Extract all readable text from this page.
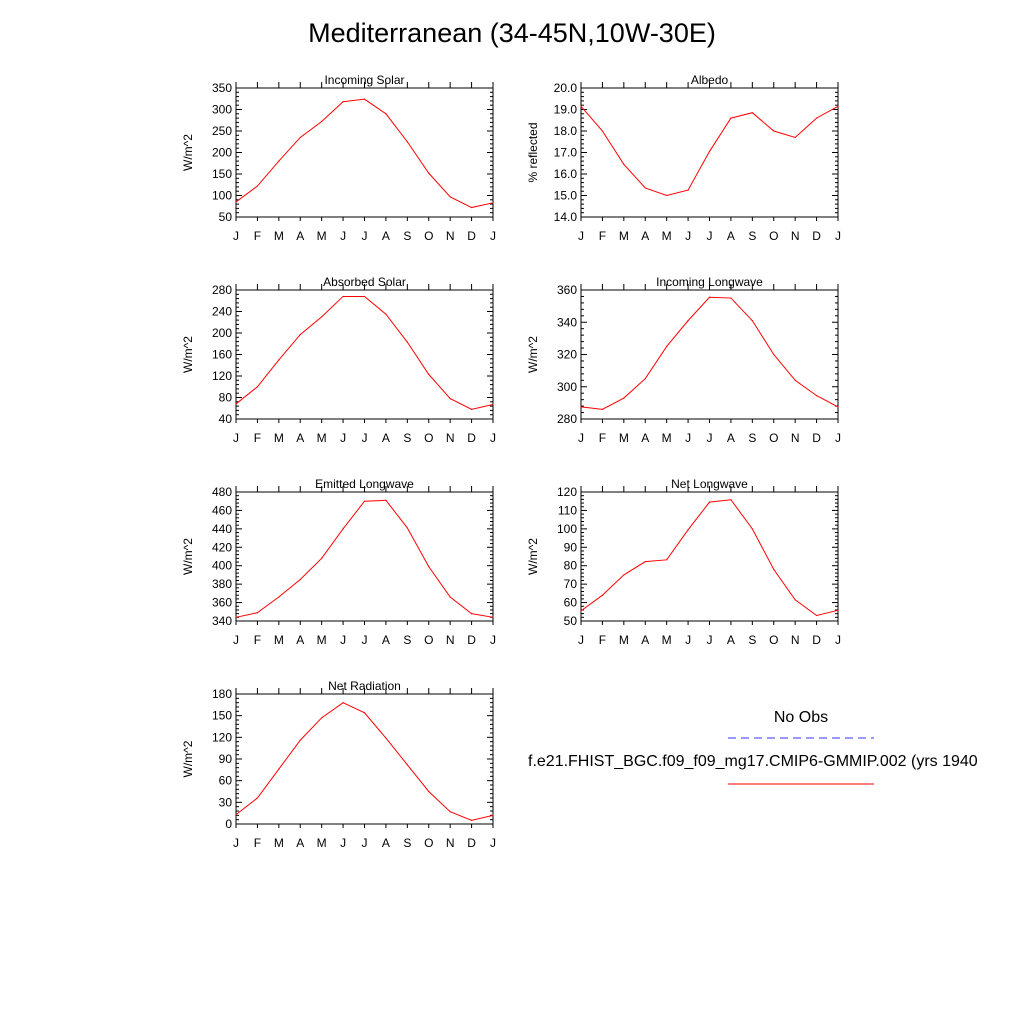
Mediterranean (34-45N,10W-30E)
Incoming Solar
W/m^2
50
100
150
200
250
300
350
J F M A M J J A S O N D J
Albedo
% reflected
14.0
15.0
16.0
17.0
18.0
19.0
20.0
J F M A M J J A S O N D J
Absorbed Solar
W/m^2
40
80
120
160
200
240
280
J F M A M J J A S O N D J
Incoming Longwave
W/m^2
280
300
320
340
360
J F M A M J J A S O N D J
Emitted Longwave
W/m^2
340
360
380
400
420
440
460
480
J F M A M J J A S O N D J
Net Longwave
W/m^2
50
60
70
80
90
100
110
120
J F M A M J J A S O N D J
Net Radiation
W/m^2
0
30
60
90
120
150
180
J F M A M J J A S O N D J
No Obs
f.e21.FHIST_BGC.f09_f09_mg17.CMIP6-GMMIP.002 (yrs 1940
